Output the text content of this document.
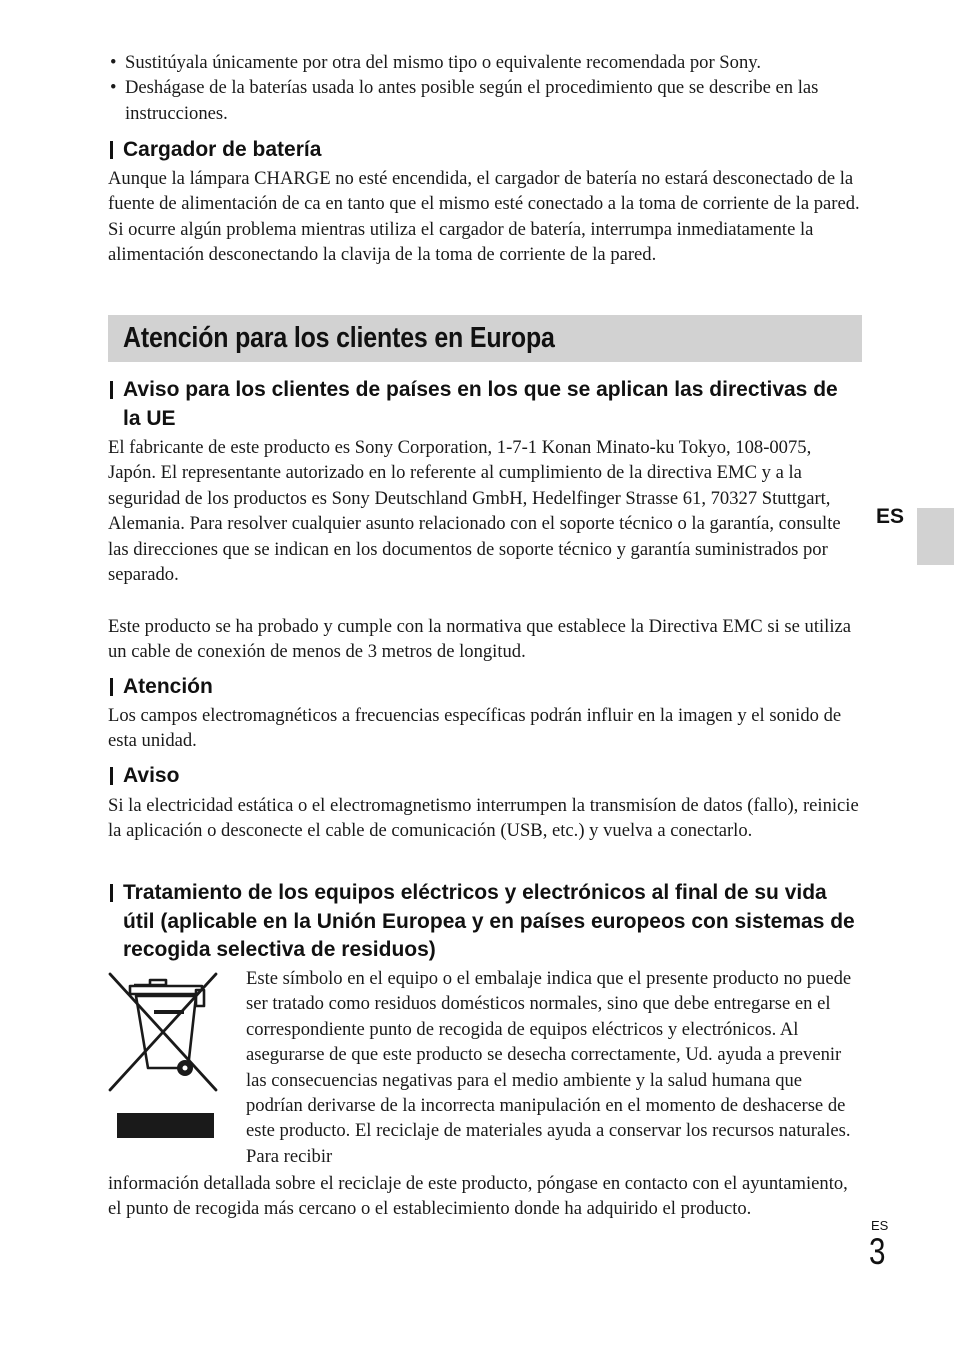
• Sustitúyala únicamente por otra del mismo tipo o equivalente recomendada por Sony.
• Deshágase de la baterías usada lo antes posible según el procedimiento que se describe en las instrucciones.
Cargador de batería

Aunque la lámpara CHARGE no esté encendida, el cargador de batería no estará desconectado de la fuente de alimentación de ca en tanto que el mismo esté conectado a la toma de corriente de la pared. Si ocurre algún problema mientras utiliza el cargador de batería, interrumpa inmediatamente la alimentación desconectando la clavija de la toma de corriente de la pared.

Atención para los clientes en Europa
Aviso para los clientes de países en los que se aplican las directivas de la UE

El fabricante de este producto es Sony Corporation, 1-7-1 Konan Minato-ku Tokyo, 108-0075, Japón. El representante autorizado en lo referente al cumplimiento de la directiva EMC y a la seguridad de los productos es Sony Deutschland GmbH, Hedelfinger Strasse 61, 70327 Stuttgart, Alemania. Para resolver cualquier asunto relacionado con el soporte técnico o la garantía, consulte las direcciones que se indican en los documentos de soporte técnico y garantía suministrados por separado.

Este producto se ha probado y cumple con la normativa que establece la Directiva EMC si se utiliza un cable de conexión de menos de 3 metros de longitud.

Atención

Los campos electromagnéticos a frecuencias específicas podrán influir en la imagen y el sonido de esta unidad.

Aviso

Si la electricidad estática o el electromagnetismo interrumpen la transmisíon de datos (fallo), reinicie la aplicación o desconecte el cable de comunicación (USB, etc.) y vuelva a conectarlo.

Tratamiento de los equipos eléctricos y electrónicos al final de su vida útil (aplicable en la Unión Europea y en países europeos con sistemas de recogida selectiva de residuos)

Este símbolo en el equipo o el embalaje indica que el presente producto no puede ser tratado como residuos domésticos normales, sino que debe entregarse en el correspondiente punto de recogida de equipos eléctricos y electrónicos. Al asegurarse de que este producto se desecha correctamente, Ud. ayuda a prevenir las consecuencias negativas para el medio ambiente y la salud humana que podrían derivarse de la incorrecta manipulación en el momento de deshacerse de este producto. El reciclaje de materiales ayuda a conservar los recursos naturales. Para recibir

información detallada sobre el reciclaje de este producto, póngase en contacto con el ayuntamiento, el punto de recogida más cercano o el establecimiento donde ha adquirido el producto.

ES
ES
3
